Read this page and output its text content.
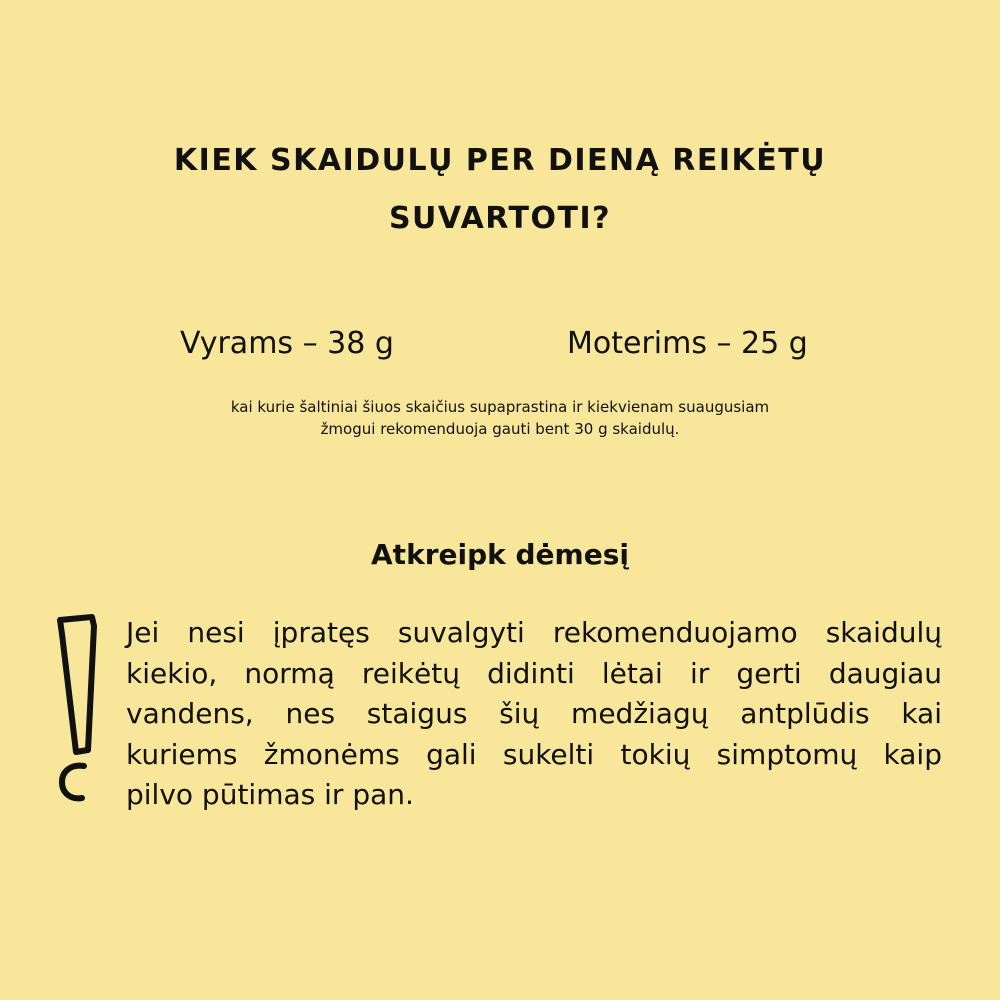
KIEK SKAIDULŲ PER DIENĄ REIKĖTŲ
SUVARTOTI?
Vyrams – 38 g	Moterims – 25 g

kai kurie šaltiniai šiuos skaičius supaprastina ir kiekvienam suaugusiam
žmogui rekomenduoja gauti bent 30 g skaidulų.

Atkreipk dėmesį
Jei nesi įpratęs suvalgyti rekomenduojamo skaidulų
kiekio, normą reikėtų didinti lėtai ir gerti daugiau
vandens, nes staigus šių medžiagų antplūdis kai
kuriems žmonėms gali sukelti tokių simptomų kaip
pilvo pūtimas ir pan.
